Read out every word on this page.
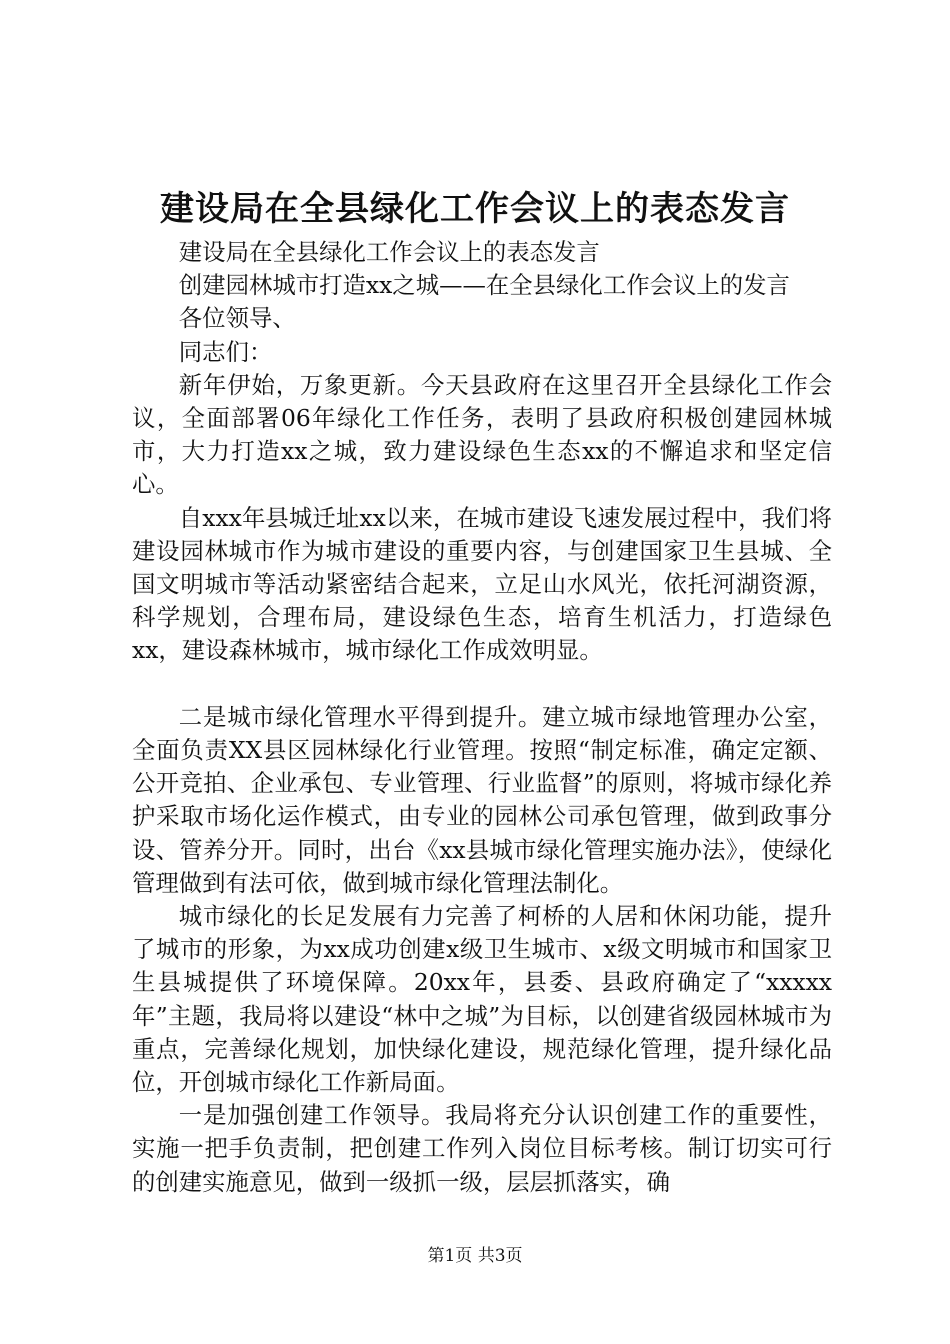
建设局在全县绿化工作会议上的表态发言

建设局在全县绿化工作会议上的表态发言

创建园林城市打造xx之城——在全县绿化工作会议上的发言

各位领导、

同志们：

新年伊始，万象更新。今天县政府在这里召开全县绿化工作会议，全面部署06年绿化工作任务，表明了县政府积极创建园林城市，大力打造xx之城，致力建设绿色生态xx的不懈追求和坚定信心。

自xxx年县城迁址xx以来，在城市建设飞速发展过程中，我们将建设园林城市作为城市建设的重要内容，与创建国家卫生县城、全国文明城市等活动紧密结合起来，立足山水风光，依托河湖资源，科学规划，合理布局，建设绿色生态，培育生机活力，打造绿色xx，建设森林城市，城市绿化工作成效明显。

二是城市绿化管理水平得到提升。建立城市绿地管理办公室，全面负责XX县区园林绿化行业管理。按照“制定标准，确定定额、公开竞拍、企业承包、专业管理、行业监督”的原则，将城市绿化养护采取市场化运作模式，由专业的园林公司承包管理，做到政事分设、管养分开。同时，出台《xx县城市绿化管理实施办法》，使绿化管理做到有法可依，做到城市绿化管理法制化。

城市绿化的长足发展有力完善了柯桥的人居和休闲功能，提升了城市的形象，为xx成功创建x级卫生城市、x级文明城市和国家卫生县城提供了环境保障。20xx年，县委、县政府确定了“xxxxx年”主题，我局将以建设“林中之城”为目标，以创建省级园林城市为重点，完善绿化规划，加快绿化建设，规范绿化管理，提升绿化品位，开创城市绿化工作新局面。

一是加强创建工作领导。我局将充分认识创建工作的重要性，实施一把手负责制，把创建工作列入岗位目标考核。制订切实可行的创建实施意见，做到一级抓一级，层层抓落实，确

第1页 共3页
